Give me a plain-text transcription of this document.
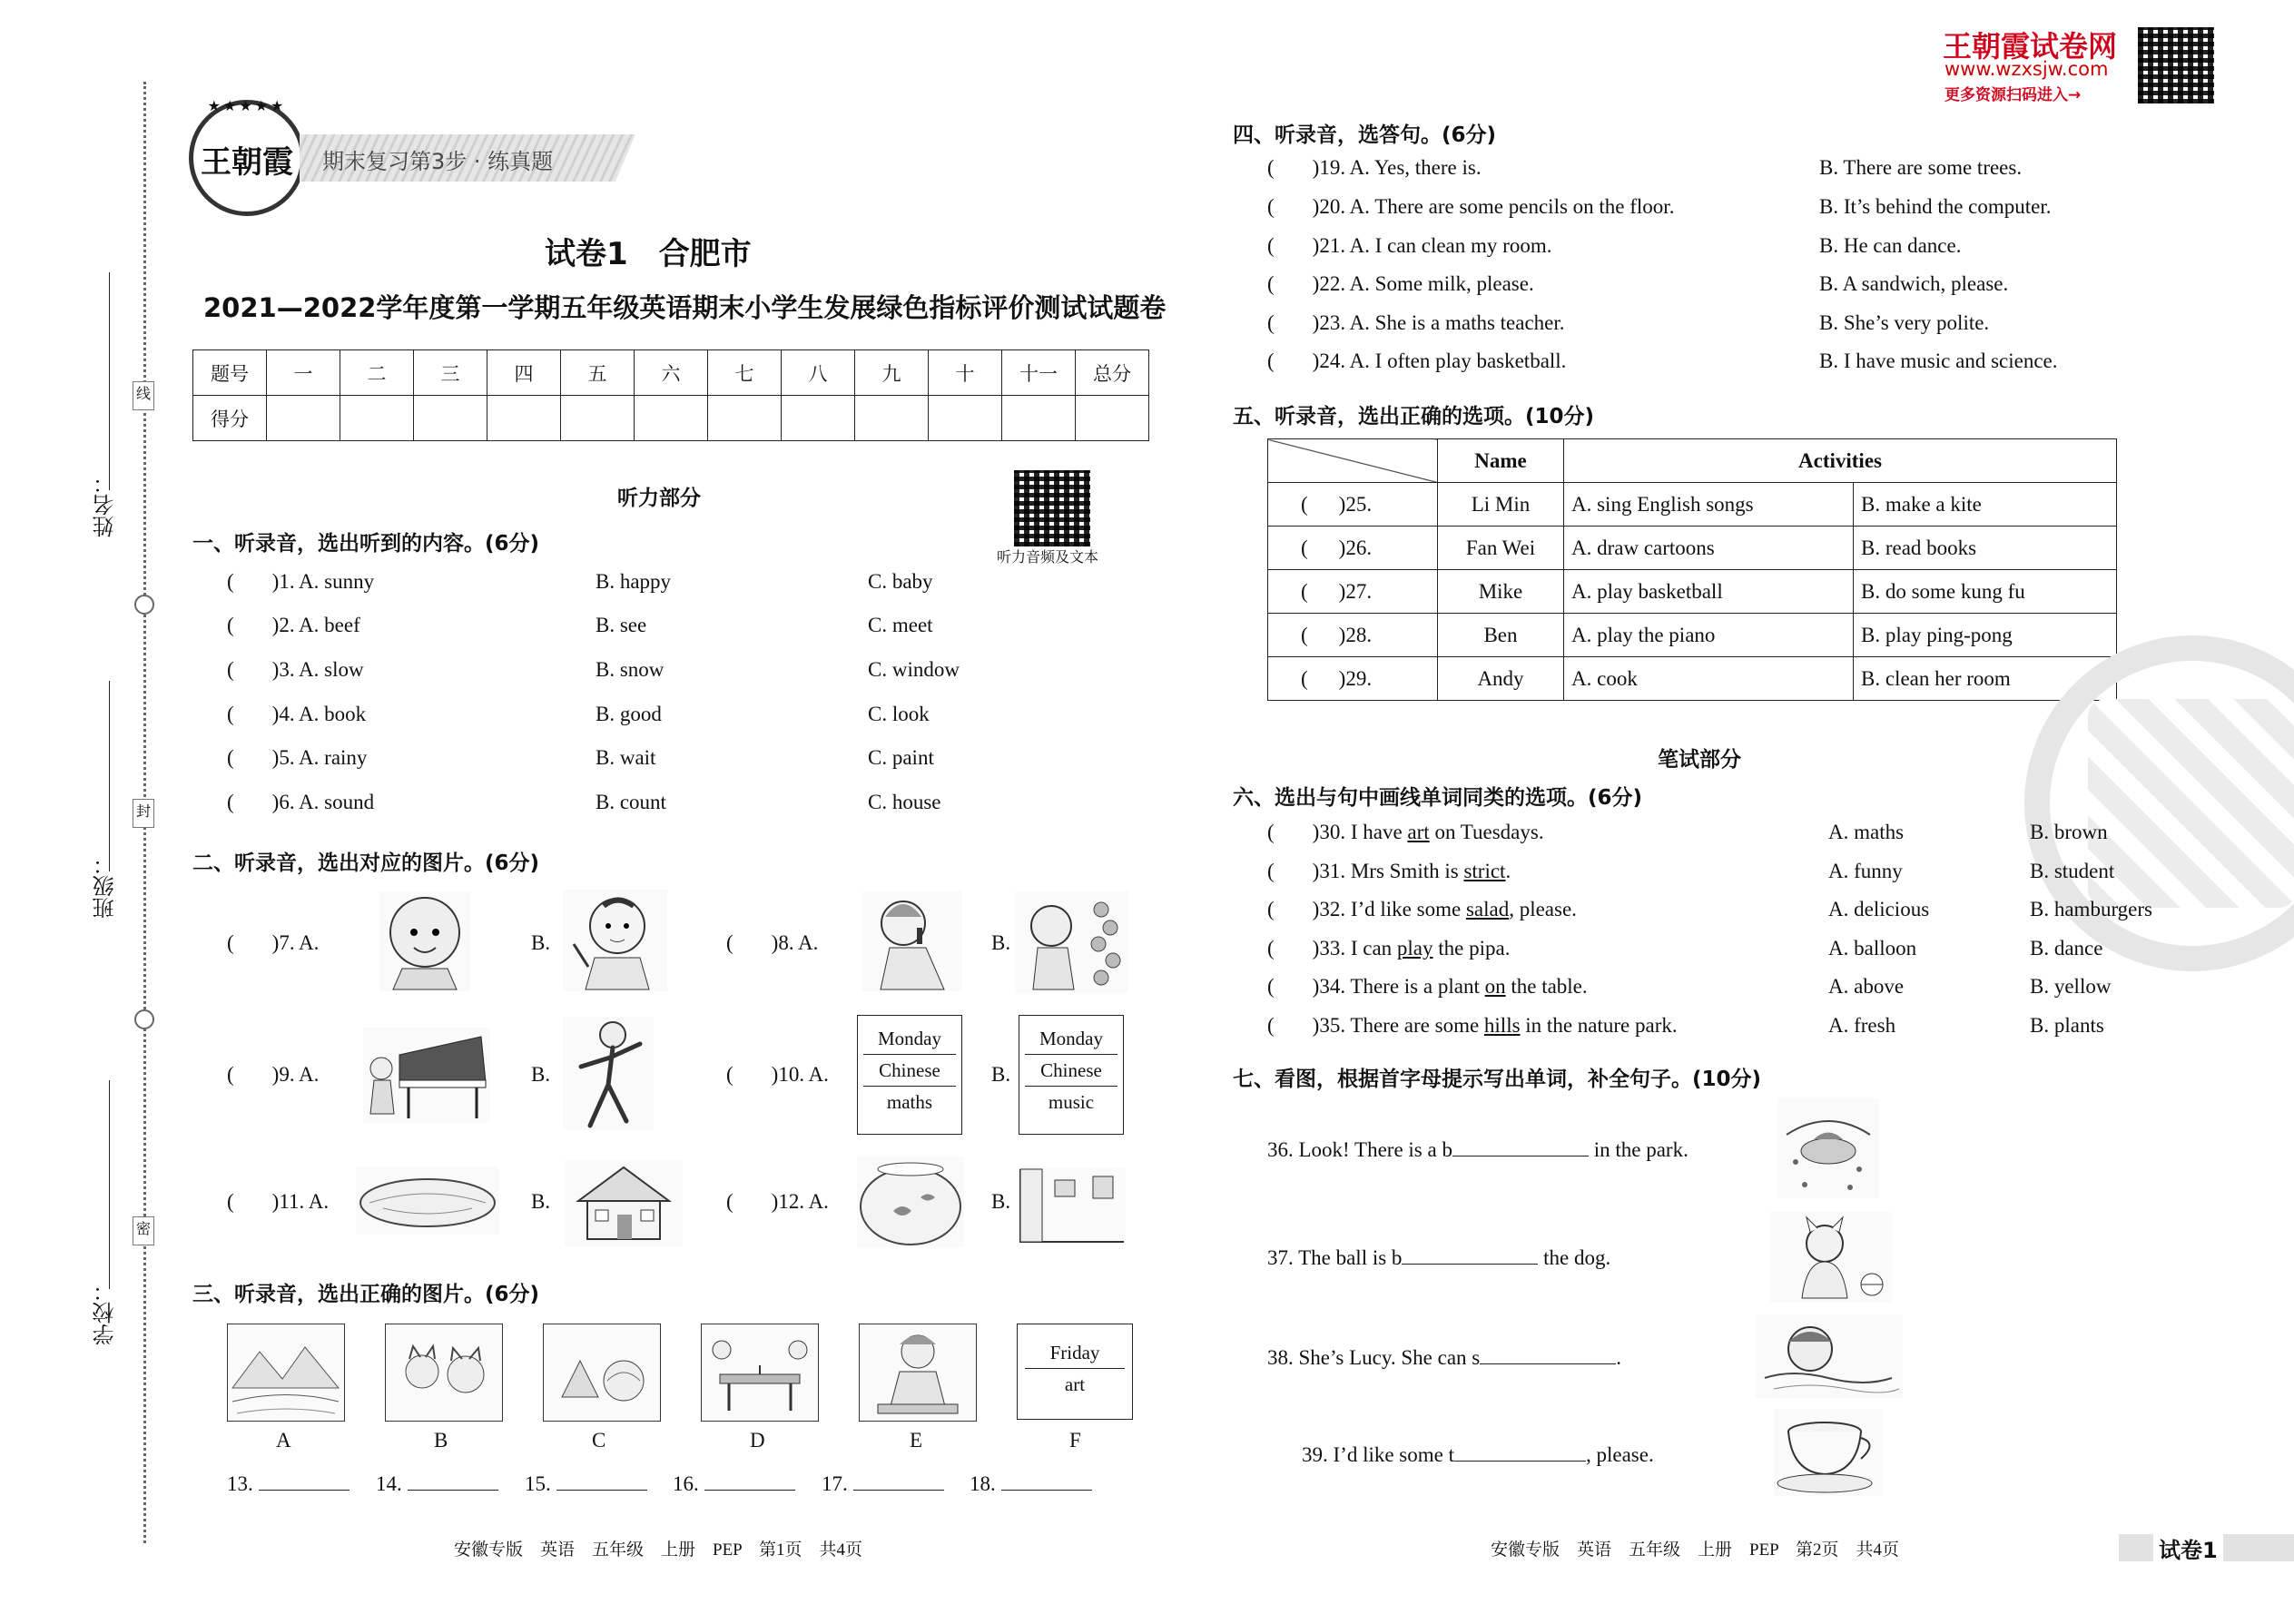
线
封
密
姓名：
班级：
学校：
★★★★★
王朝霞	期末复习第3步 · 练真题
试卷1　合肥市
2021—2022学年度第一学期五年级英语期末小学生发展绿色指标评价测试试题卷
题号	一	二	三	四	五	六	七	八	九	十	十一	总分
得分												
听力部分
听力音频及文本
一、听录音，选出听到的内容。(6分)
( )1. A. sunny	B. happy	C. baby
( )2. A. beef	B. see	C. meet
( )3. A. slow	B. snow	C. window
( )4. A. book	B. good	C. look
( )5. A. rainy	B. wait	C. paint
( )6. A. sound	B. count	C. house
二、听录音，选出对应的图片。(6分)
( )7. A.	B.	( )8. A.	B.
( )9. A.	B.	( )10. A.
Monday
Chinese
maths
B.
Monday
Chinese
music
( )11. A.	B.	( )12. A.	B.
三、听录音，选出正确的图片。(6分)
Friday
art
A	B	C	D	E	F
13.	14.	15.	16.	17.	18.
安徽专版　英语　五年级　上册　PEP　第1页　共4页
王朝霞试卷网
www.wzxsjw.com
更多资源扫码进入→
四、听录音，选答句。(6分)
( )19. A. Yes, there is.	B. There are some trees.
( )20. A. There are some pencils on the floor.	B. It’s behind the computer.
( )21. A. I can clean my room.	B. He can dance.
( )22. A. Some milk, please.	B. A sandwich, please.
( )23. A. She is a maths teacher.	B. She’s very polite.
( )24. A. I often play basketball.	B. I have music and science.
五、听录音，选出正确的选项。(10分)
	Name	Activities	
( )25.	Li Min	A. sing English songs	B. make a kite
( )26.	Fan Wei	A. draw cartoons	B. read books
( )27.	Mike	A. play basketball	B. do some kung fu
( )28.	Ben	A. play the piano	B. play ping-pong
( )29.	Andy	A. cook	B. clean her room
笔试部分
六、选出与句中画线单词同类的选项。(6分)
( )30. I have art on Tuesdays.	A. maths	B. brown
( )31. Mrs Smith is strict.	A. funny	B. student
( )32. I’d like some salad, please.	A. delicious	B. hamburgers
( )33. I can play the pipa.	A. balloon	B. dance
( )34. There is a plant on the table.	A. above	B. yellow
( )35. There are some hills in the nature park.	A. fresh	B. plants
七、看图，根据首字母提示写出单词，补全句子。(10分)
36. Look! There is a b	in the park.
37. The ball is b	the dog.
38. She’s Lucy. She can s	.
39. I’d like some t	, please.
安徽专版　英语　五年级　上册　PEP　第2页　共4页	试卷1
